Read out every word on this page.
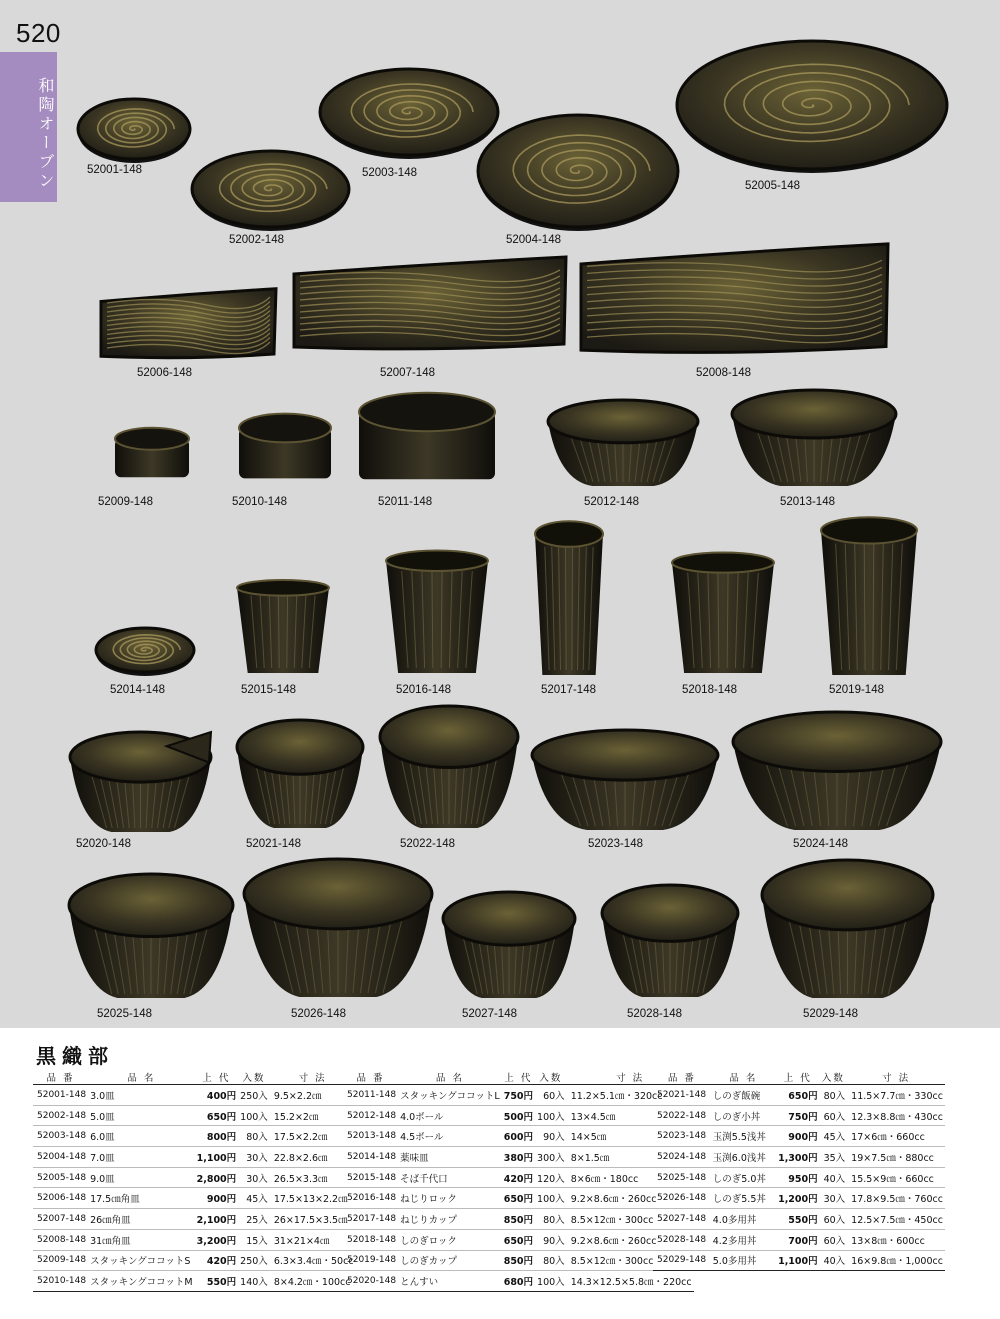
520
和陶オーブン	52001-148
52002-148
52003-148
52004-148
52005-148
52006-148	52007-148	52008-148
52009-148	52010-148	52011-148	52012-148	52013-148
52014-148	52015-148	52016-148	52017-148	52018-148	52019-148
52020-148	52021-148	52022-148	52023-148	52024-148
52025-148	52026-148	52027-148	52028-148	52029-148
黒織部
品 番	品 名	上 代	入数	寸 法
52001-148	3.0皿	400円	250入	9.5×2.2㎝
52002-148	5.0皿	650円	100入	15.2×2㎝
52003-148	6.0皿	800円	80入	17.5×2.2㎝
52004-148	7.0皿	1,100円	30入	22.8×2.6㎝
52005-148	9.0皿	2,800円	30入	26.5×3.3㎝
52006-148	17.5㎝角皿	900円	45入	17.5×13×2.2㎝
52007-148	26㎝角皿	2,100円	25入	26×17.5×3.5㎝
52008-148	31㎝角皿	3,200円	15入	31×21×4㎝
52009-148	スタッキングココットS	420円	250入	6.3×3.4㎝・50cc
52010-148	スタッキングココットM	550円	140入	8×4.2㎝・100cc
品 番	品 名	上 代	入数	寸 法
52011-148	スタッキングココットL	750円	60入	11.2×5.1㎝・320cc
52012-148	4.0ボール	500円	100入	13×4.5㎝
52013-148	4.5ボール	600円	90入	14×5㎝
52014-148	薬味皿	380円	300入	8×1.5㎝
52015-148	そば千代口	420円	120入	8×6㎝・180cc
52016-148	ねじりロック	650円	100入	9.2×8.6㎝・260cc
52017-148	ねじりカップ	850円	80入	8.5×12㎝・300cc
52018-148	しのぎロック	650円	90入	9.2×8.6㎝・260cc
52019-148	しのぎカップ	850円	80入	8.5×12㎝・300cc
52020-148	とんすい	680円	100入	14.3×12.5×5.8㎝・220cc
品 番	品 名	上 代	入数	寸 法
52021-148	しのぎ飯碗	650円	80入	11.5×7.7㎝・330cc
52022-148	しのぎ小丼	750円	60入	12.3×8.8㎝・430cc
52023-148	玉渕5.5浅丼	900円	45入	17×6㎝・660cc
52024-148	玉渕6.0浅丼	1,300円	35入	19×7.5㎝・880cc
52025-148	しのぎ5.0丼	950円	40入	15.5×9㎝・660cc
52026-148	しのぎ5.5丼	1,200円	30入	17.8×9.5㎝・760cc
52027-148	4.0多用丼	550円	60入	12.5×7.5㎝・450cc
52028-148	4.2多用丼	700円	60入	13×8㎝・600cc
52029-148	5.0多用丼	1,100円	40入	16×9.8㎝・1,000cc
